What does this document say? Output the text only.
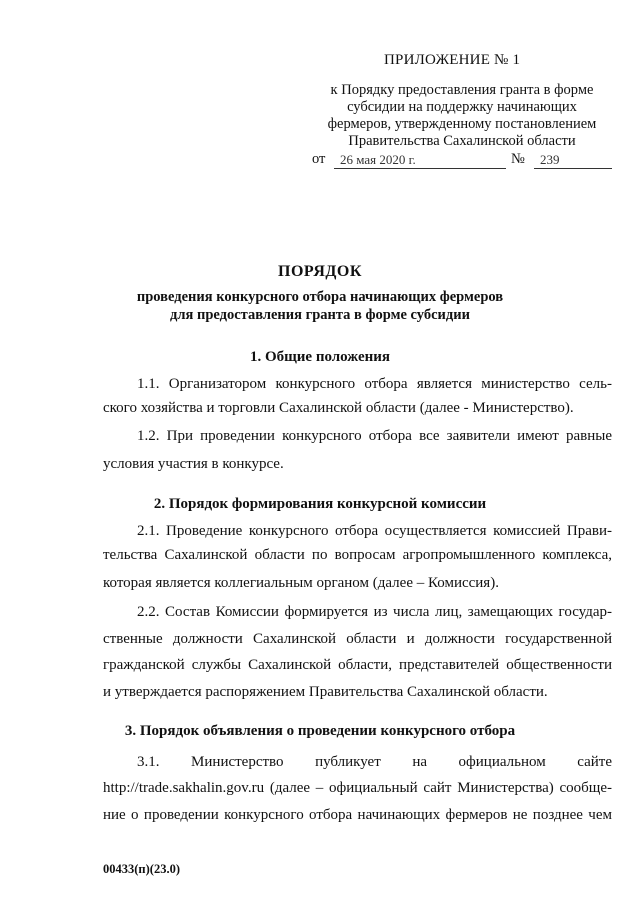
ПРИЛОЖЕНИЕ № 1
к Порядку предоставления гранта в форме
субсидии на поддержку начинающих
фермеров, утвержденному постановлением
Правительства Сахалинской области
от	26 мая 2020 г.	№	239
ПОРЯДОК
проведения конкурсного отбора начинающих фермеров
для предоставления гранта в форме субсидии
1. Общие положения
1.1. Организатором конкурсного отбора является министерство сель-
ского хозяйства и торговли Сахалинской области (далее - Министерство).
1.2. При проведении конкурсного отбора все заявители имеют равные
условия участия в конкурсе.
2. Порядок формирования конкурсной комиссии
2.1. Проведение конкурсного отбора осуществляется комиссией Прави-
тельства Сахалинской области по вопросам агропромышленного комплекса,
которая является коллегиальным органом (далее – Комиссия).
2.2. Состав Комиссии формируется из числа лиц, замещающих государ-
ственные должности Сахалинской области и должности государственной
гражданской службы Сахалинской области, представителей общественности
и утверждается распоряжением Правительства Сахалинской области.
3. Порядок объявления о проведении конкурсного отбора
3.1.      Министерство      публикует      на      официальном      сайте
http://trade.sakhalin.gov.ru (далее – официальный сайт Министерства) сообще-
ние о проведении конкурсного отбора начинающих фермеров не позднее чем
00433(п)(23.0)
